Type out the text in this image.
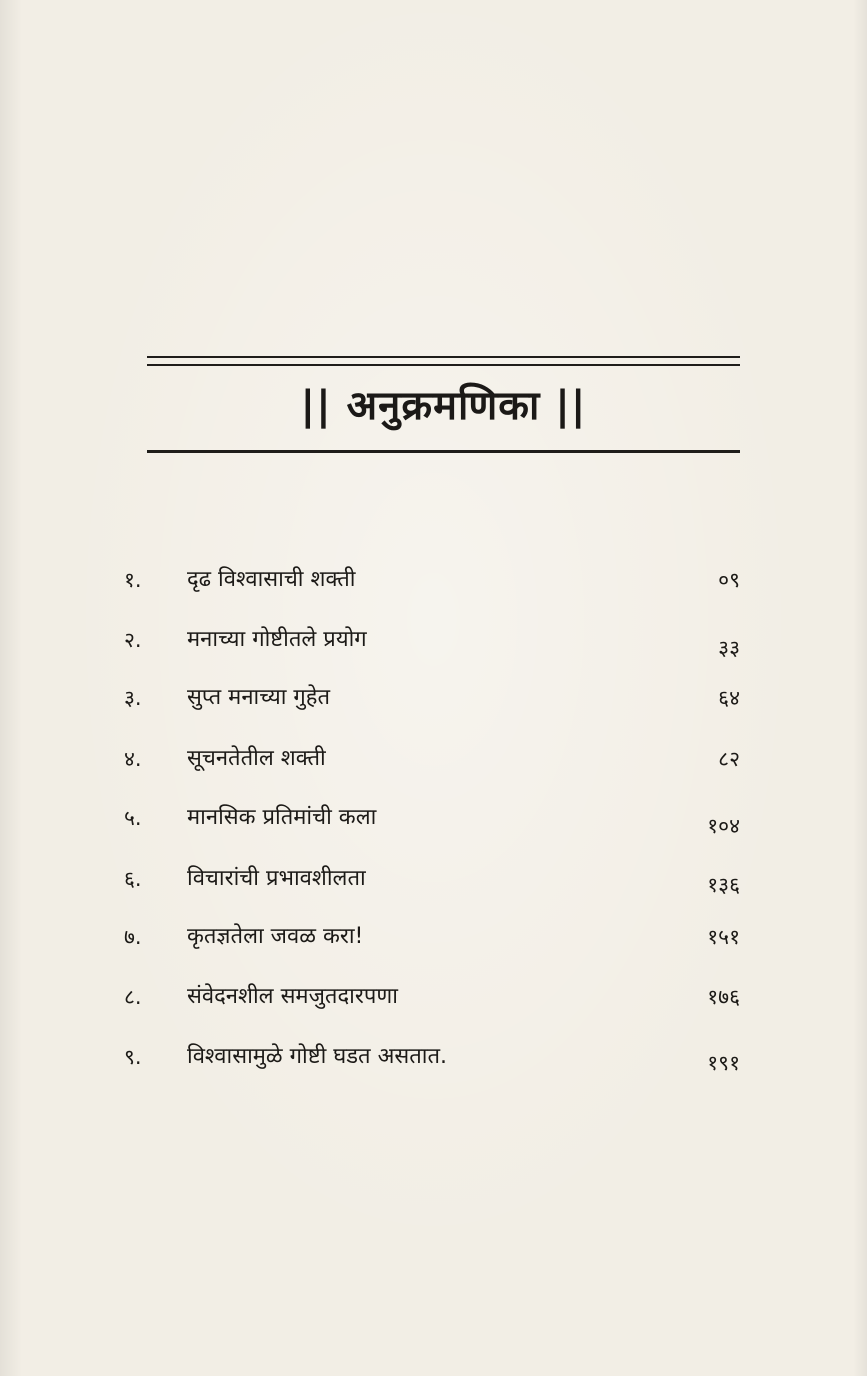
|| अनुक्रमणिका ||
१. दृढ विश्वासाची शक्ती	०९
२. मनाच्या गोष्टीतले प्रयोग	३३
३. सुप्त मनाच्या गुहेत	६४
४. सूचनतेतील शक्ती	८२
५. मानसिक प्रतिमांची कला	१०४
६. विचारांची प्रभावशीलता	१३६
७. कृतज्ञतेला जवळ करा!	१५१
८. संवेदनशील समजुतदारपणा	१७६
९. विश्वासामुळे गोष्टी घडत असतात.	१९१
